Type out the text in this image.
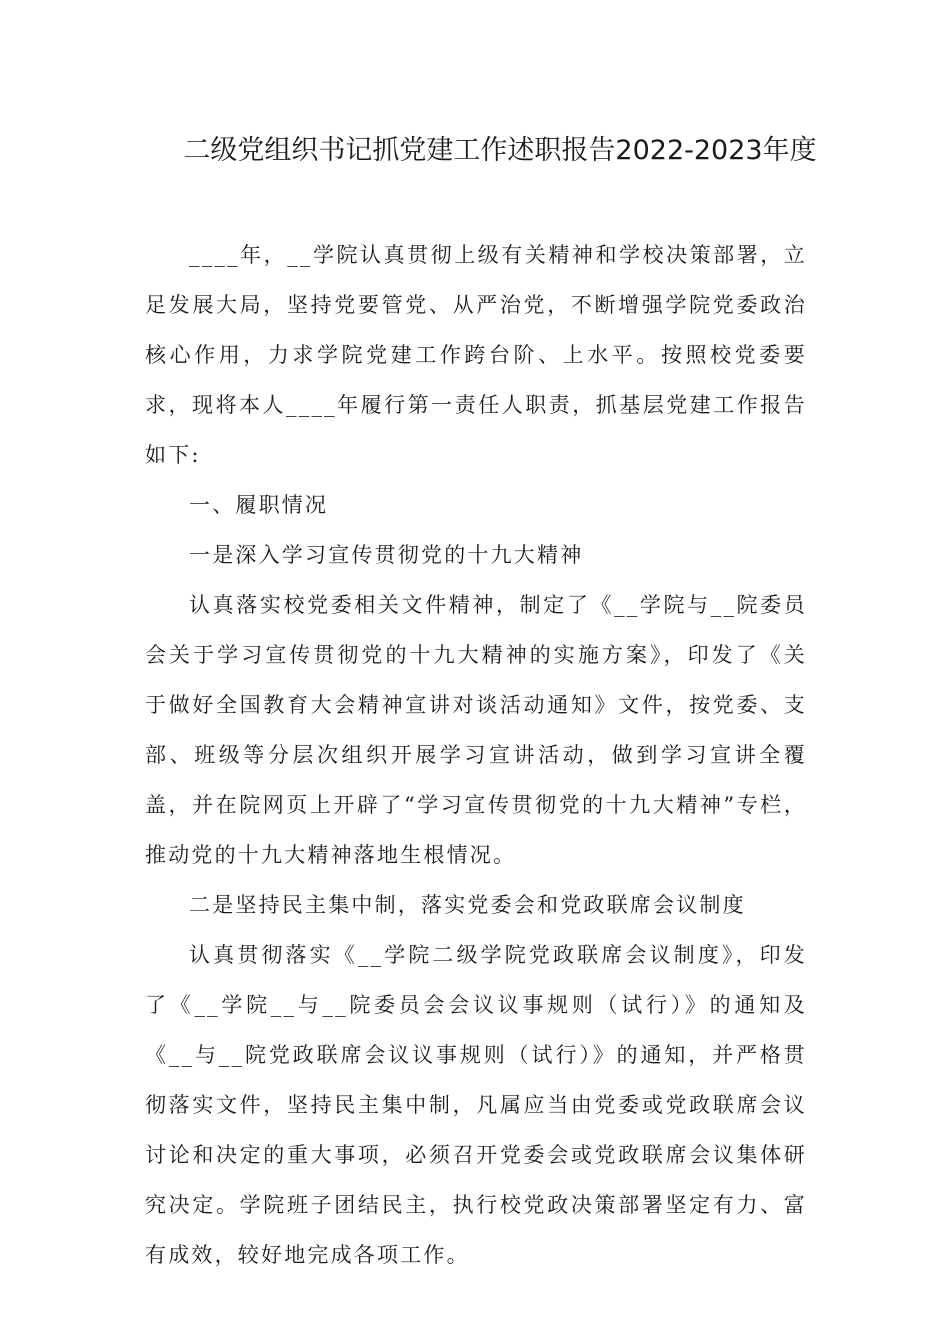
二级党组织书记抓党建工作述职报告2022-2023年度

____年，__学院认真贯彻上级有关精神和学校决策部署，立足发展大局，坚持党要管党、从严治党，不断增强学院党委政治核心作用，力求学院党建工作跨台阶、上水平。按照校党委要求，现将本人____年履行第一责任人职责，抓基层党建工作报告如下:

一、履职情况

一是深入学习宣传贯彻党的十九大精神

认真落实校党委相关文件精神，制定了《__学院与__院委员会关于学习宣传贯彻党的十九大精神的实施方案》，印发了《关于做好全国教育大会精神宣讲对谈活动通知》文件，按党委、支部、班级等分层次组织开展学习宣讲活动，做到学习宣讲全覆盖，并在院网页上开辟了“学习宣传贯彻党的十九大精神”专栏，推动党的十九大精神落地生根情况。

二是坚持民主集中制，落实党委会和党政联席会议制度

认真贯彻落实《__学院二级学院党政联席会议制度》，印发了《__学院__与__院委员会会议议事规则（试行）》的通知及《__与__院党政联席会议议事规则（试行）》的通知，并严格贯彻落实文件，坚持民主集中制，凡属应当由党委或党政联席会议讨论和决定的重大事项，必须召开党委会或党政联席会议集体研究决定。学院班子团结民主，执行校党政决策部署坚定有力、富有成效，较好地完成各项工作。
